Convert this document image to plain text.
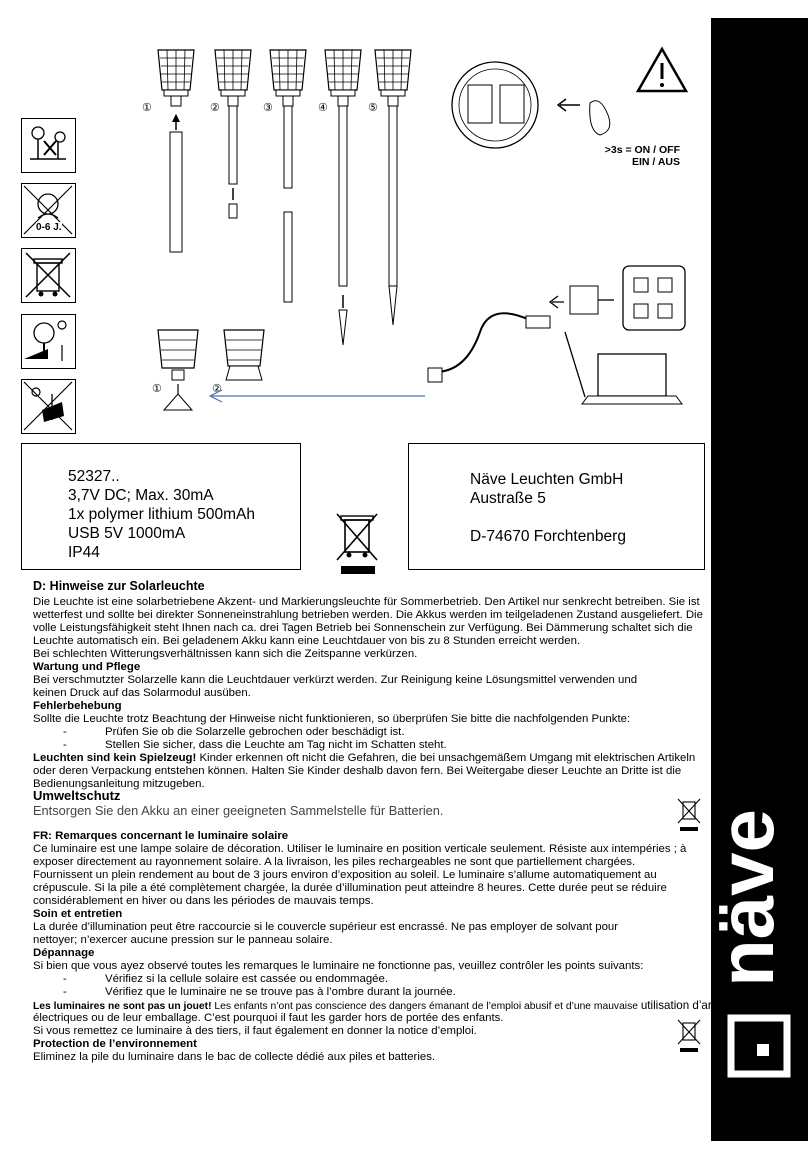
näve
0-6 J.
①	②	③	④	⑤
①	②
>3s = ON / OFF
EIN / AUS
52327..
3,7V DC; Max. 30mA
1x polymer lithium 500mAh
USB 5V 1000mA
IP44
Näve Leuchten GmbH
Austraße 5
D-74670 Forchtenberg
D: Hinweise zur Solarleuchte
Die Leuchte ist eine solarbetriebene Akzent- und Markierungsleuchte für Sommerbetrieb. Den Artikel nur senkrecht betreiben. Sie ist
wetterfest und sollte bei direkter Sonneneinstrahlung betrieben werden. Die Akkus werden im teilgeladenen Zustand ausgeliefert. Die
volle Leistungsfähigkeit steht Ihnen nach ca. drei Tagen Betrieb bei Sonnenschein zur Verfügung. Bei Dämmerung schaltet sich die
Leuchte automatisch ein. Bei geladenem Akku kann eine Leuchtdauer von bis zu 8 Stunden erreicht werden.
Bei schlechten Witterungsverhältnissen kann sich die Zeitspanne verkürzen.
Wartung und Pflege
Bei verschmutzter Solarzelle kann die Leuchtdauer verkürzt werden. Zur Reinigung keine Lösungsmittel verwenden und
keinen Druck auf das Solarmodul ausüben.
Fehlerbehebung
Sollte die Leuchte trotz Beachtung der Hinweise nicht funktionieren, so überprüfen Sie bitte die nachfolgenden Punkte:
-	Prüfen Sie ob die Solarzelle gebrochen oder beschädigt ist.
-	Stellen Sie sicher, dass die Leuchte am Tag nicht im Schatten steht.
Leuchten sind kein Spielzeug! Kinder erkennen oft nicht die Gefahren, die bei unsachgemäßem Umgang mit elektrischen Artikeln
oder deren Verpackung entstehen können. Halten Sie Kinder deshalb davon fern. Bei Weitergabe dieser Leuchte an Dritte ist die
Bedienungsanleitung mitzugeben.
Umweltschutz
Entsorgen Sie den Akku an einer geeigneten Sammelstelle für Batterien.
FR: Remarques concernant le luminaire solaire
Ce luminaire est une lampe solaire de décoration. Utiliser le luminaire en position verticale seulement. Résiste aux intempéries ; à
exposer directement au rayonnement solaire. A la livraison, les piles rechargeables ne sont que partiellement chargées.
Fournissent un plein rendement au bout de 3 jours environ d’exposition au soleil. Le luminaire s’allume automatiquement au
crépuscule. Si la pile a été complètement chargée, la durée d’illumination peut atteindre 8 heures. Cette durée peut se réduire
considérablement en hiver ou dans les périodes de mauvais temps.
Soin et entretien
La durée d’illumination peut être raccourcie si le couvercle supérieur est encrassé. Ne pas employer de solvant pour
nettoyer; n’exercer aucune pression sur le panneau solaire.
Dépannage
Si bien que vous ayez observé toutes les remarques le luminaire ne fonctionne pas, veuillez contrôler les points suivants:
-	Vérifiez si la cellule solaire est cassée ou endommagée.
-	Vérifiez que le luminaire ne se trouve pas à l’ombre durant la journée.
Les luminaires ne sont pas un jouet! Les enfants n’ont pas conscience des dangers émanant de l’emploi abusif et d’une mauvaise utilisation d’articles
électriques ou de leur emballage. C’est pourquoi il faut les garder hors de portée des enfants.
Si vous remettez ce luminaire à des tiers, il faut également en donner la notice d’emploi.
Protection de l’environnement
Eliminez la pile du luminaire dans le bac de collecte dédié aux piles et batteries.
